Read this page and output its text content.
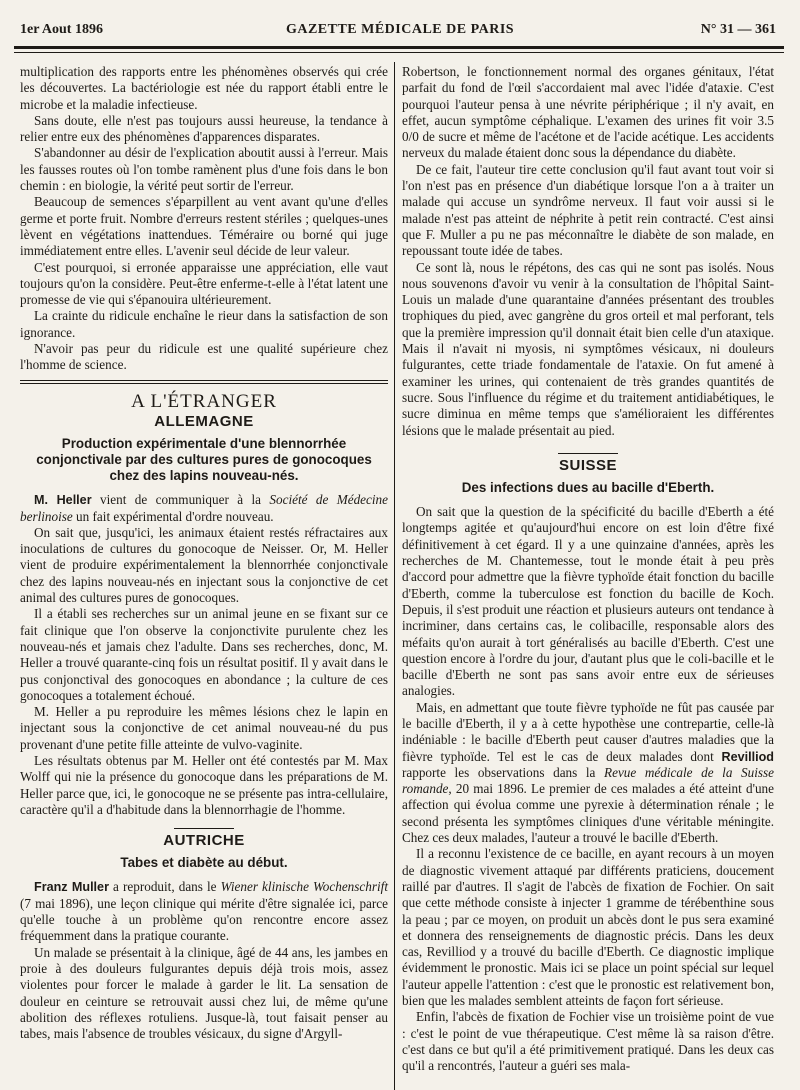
1er Aout 1896	GAZETTE MÉDICALE DE PARIS	N° 31 — 361

multiplication des rapports entre les phénomènes observés qui crée les découvertes. La bactériologie est née du rapport établi entre le microbe et la maladie infectieuse.

Sans doute, elle n'est pas toujours aussi heureuse, la tendance à relier entre eux des phénomènes d'apparences disparates.

S'abandonner au désir de l'explication aboutit aussi à l'erreur. Mais les fausses routes où l'on tombe ramènent plus d'une fois dans le bon chemin : en biologie, la vérité peut sortir de l'erreur.

Beaucoup de semences s'éparpillent au vent avant qu'une d'elles germe et porte fruit. Nombre d'erreurs restent stériles ; quelques-unes lèvent en végétations inattendues. Téméraire ou borné qui juge immédiatement entre elles. L'avenir seul décide de leur valeur.

C'est pourquoi, si erronée apparaisse une appréciation, elle vaut toujours qu'on la considère. Peut-être enferme-t-elle à l'état latent une promesse de vie qui s'épanouira ultérieurement.

La crainte du ridicule enchaîne le rieur dans la satisfaction de son ignorance.

N'avoir pas peur du ridicule est une qualité supérieure chez l'homme de science.

A L'ÉTRANGER
ALLEMAGNE
Production expérimentale d'une blennorrhée conjonctivale par des cultures pures de gonocoques chez des lapins nouveau-nés.

M. Heller vient de communiquer à la Société de Médecine berlinoise un fait expérimental d'ordre nouveau.

On sait que, jusqu'ici, les animaux étaient restés réfractaires aux inoculations de cultures du gonocoque de Neisser. Or, M. Heller vient de produire expérimentalement la blennorrhée conjonctivale chez des lapins nouveau-nés en injectant sous la conjonctive de cet animal des cultures pures de gonocoques.

Il a établi ses recherches sur un animal jeune en se fixant sur ce fait clinique que l'on observe la conjonctivite purulente chez les nouveau-nés et jamais chez l'adulte. Dans ses recherches, donc, M. Heller a trouvé quarante-cinq fois un résultat positif. Il y avait dans le pus conjonctival des gonocoques en abondance ; la culture de ces gonocoques a totalement échoué.

M. Heller a pu reproduire les mêmes lésions chez le lapin en injectant sous la conjonctive de cet animal nouveau-né du pus provenant d'une petite fille atteinte de vulvo-vaginite.

Les résultats obtenus par M. Heller ont été contestés par M. Max Wolff qui nie la présence du gonocoque dans les préparations de M. Heller parce que, ici, le gonocoque ne se présente pas intra-cellulaire, caractère qu'il a d'habitude dans la blennorrhagie de l'homme.

AUTRICHE
Tabes et diabète au début.

Franz Muller a reproduit, dans le Wiener klinische Wochenschrift (7 mai 1896), une leçon clinique qui mérite d'être signalée ici, parce qu'elle touche à un problème qu'on rencontre encore assez fréquemment dans la pratique courante.

Un malade se présentait à la clinique, âgé de 44 ans, les jambes en proie à des douleurs fulgurantes depuis déjà trois mois, assez violentes pour forcer le malade à garder le lit. La sensation de douleur en ceinture se retrouvait aussi chez lui, de même qu'une abolition des réflexes rotuliens. Jusque-là, tout faisait penser au tabes, mais l'absence de troubles vésicaux, du signe d'Argyll-

Robertson, le fonctionnement normal des organes génitaux, l'état parfait du fond de l'œil s'accordaient mal avec l'idée d'ataxie. C'est pourquoi l'auteur pensa à une névrite périphérique ; il n'y avait, en effet, aucun symptôme céphalique. L'examen des urines fit voir 3.5 0/0 de sucre et même de l'acétone et de l'acide acétique. Les accidents nerveux du malade étaient donc sous la dépendance du diabète.

De ce fait, l'auteur tire cette conclusion qu'il faut avant tout voir si l'on n'est pas en présence d'un diabétique lorsque l'on a à traiter un malade qui accuse un syndrôme nerveux. Il faut voir aussi si le malade n'est pas atteint de néphrite à petit rein contracté. C'est ainsi que F. Muller a pu ne pas méconnaître le diabète de son malade, en repoussant toute idée de tabes.

Ce sont là, nous le répétons, des cas qui ne sont pas isolés. Nous nous souvenons d'avoir vu venir à la consultation de l'hôpital Saint-Louis un malade d'une quarantaine d'années présentant des troubles trophiques du pied, avec gangrène du gros orteil et mal perforant, tels que la première impression qu'il donnait était bien celle d'un ataxique. Mais il n'avait ni myosis, ni symptômes vésicaux, ni douleurs fulgurantes, cette triade fondamentale de l'ataxie. On fut amené à examiner les urines, qui contenaient de très grandes quantités de sucre. Sous l'influence du régime et du traitement antidiabétiques, le sucre diminua en même temps que s'amélioraient les différentes lésions que le malade présentait au pied.

SUISSE
Des infections dues au bacille d'Eberth.

On sait que la question de la spécificité du bacille d'Eberth a été longtemps agitée et qu'aujourd'hui encore on est loin d'être fixé définitivement à cet égard. Il y a une quinzaine d'années, après les recherches de M. Chantemesse, tout le monde était à peu près d'accord pour admettre que la fièvre typhoïde était fonction du bacille d'Eberth, comme la tuberculose est fonction du bacille de Koch. Depuis, il s'est produit une réaction et plusieurs auteurs ont tendance à incriminer, dans certains cas, le colibacille, responsable alors des méfaits qu'on aurait à tort généralisés au bacille d'Eberth. C'est une question encore à l'ordre du jour, d'autant plus que le coli-bacille et le bacille d'Eberth ne sont pas sans avoir entre eux de sérieuses analogies.

Mais, en admettant que toute fièvre typhoïde ne fût pas causée par le bacille d'Eberth, il y a à cette hypothèse une contrepartie, celle-là indéniable : le bacille d'Eberth peut causer d'autres maladies que la fièvre typhoïde. Tel est le cas de deux malades dont Revilliod rapporte les observations dans la Revue médicale de la Suisse romande, 20 mai 1896. Le premier de ces malades a été atteint d'une affection qui évolua comme une pyrexie à détermination rénale ; le second présenta les symptômes cliniques d'une véritable méningite. Chez ces deux malades, l'auteur a trouvé le bacille d'Eberth.

Il a reconnu l'existence de ce bacille, en ayant recours à un moyen de diagnostic vivement attaqué par différents praticiens, doucement raillé par d'autres. Il s'agit de l'abcès de fixation de Fochier. On sait que cette méthode consiste à injecter 1 gramme de térébenthine sous la peau ; par ce moyen, on produit un abcès dont le pus sera examiné et donnera des renseignements de diagnostic précis. Dans les deux cas, Revilliod y a trouvé du bacille d'Eberth. Ce diagnostic implique évidemment le pronostic. Mais ici se place un point spécial sur lequel l'auteur appelle l'attention : c'est que le pronostic est relativement bon, bien que les malades semblent atteints de façon fort sérieuse.

Enfin, l'abcès de fixation de Fochier vise un troisième point de vue : c'est le point de vue thérapeutique. C'est même là sa raison d'être. c'est dans ce but qu'il a été primitivement pratiqué. Dans les deux cas qu'il a rencontrés, l'auteur a guéri ses mala-
